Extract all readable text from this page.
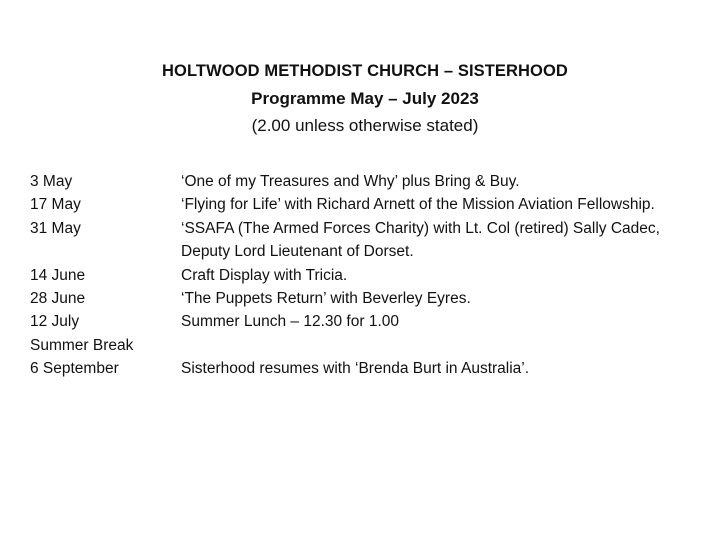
HOLTWOOD METHODIST CHURCH – SISTERHOOD

Programme May – July 2023

(2.00 unless otherwise stated)

3 May	‘One of my Treasures and Why’ plus Bring & Buy.
17 May	‘Flying for Life’ with Richard Arnett of the Mission Aviation Fellowship.
31 May	‘SSAFA (The Armed Forces Charity) with Lt. Col (retired) Sally Cadec, Deputy Lord Lieutenant of Dorset.
14 June	Craft Display with Tricia.
28 June	‘The Puppets Return’ with Beverley Eyres.
12 July	Summer Lunch – 12.30 for 1.00
Summer Break
6 September	Sisterhood resumes with ‘Brenda Burt in Australia’.
